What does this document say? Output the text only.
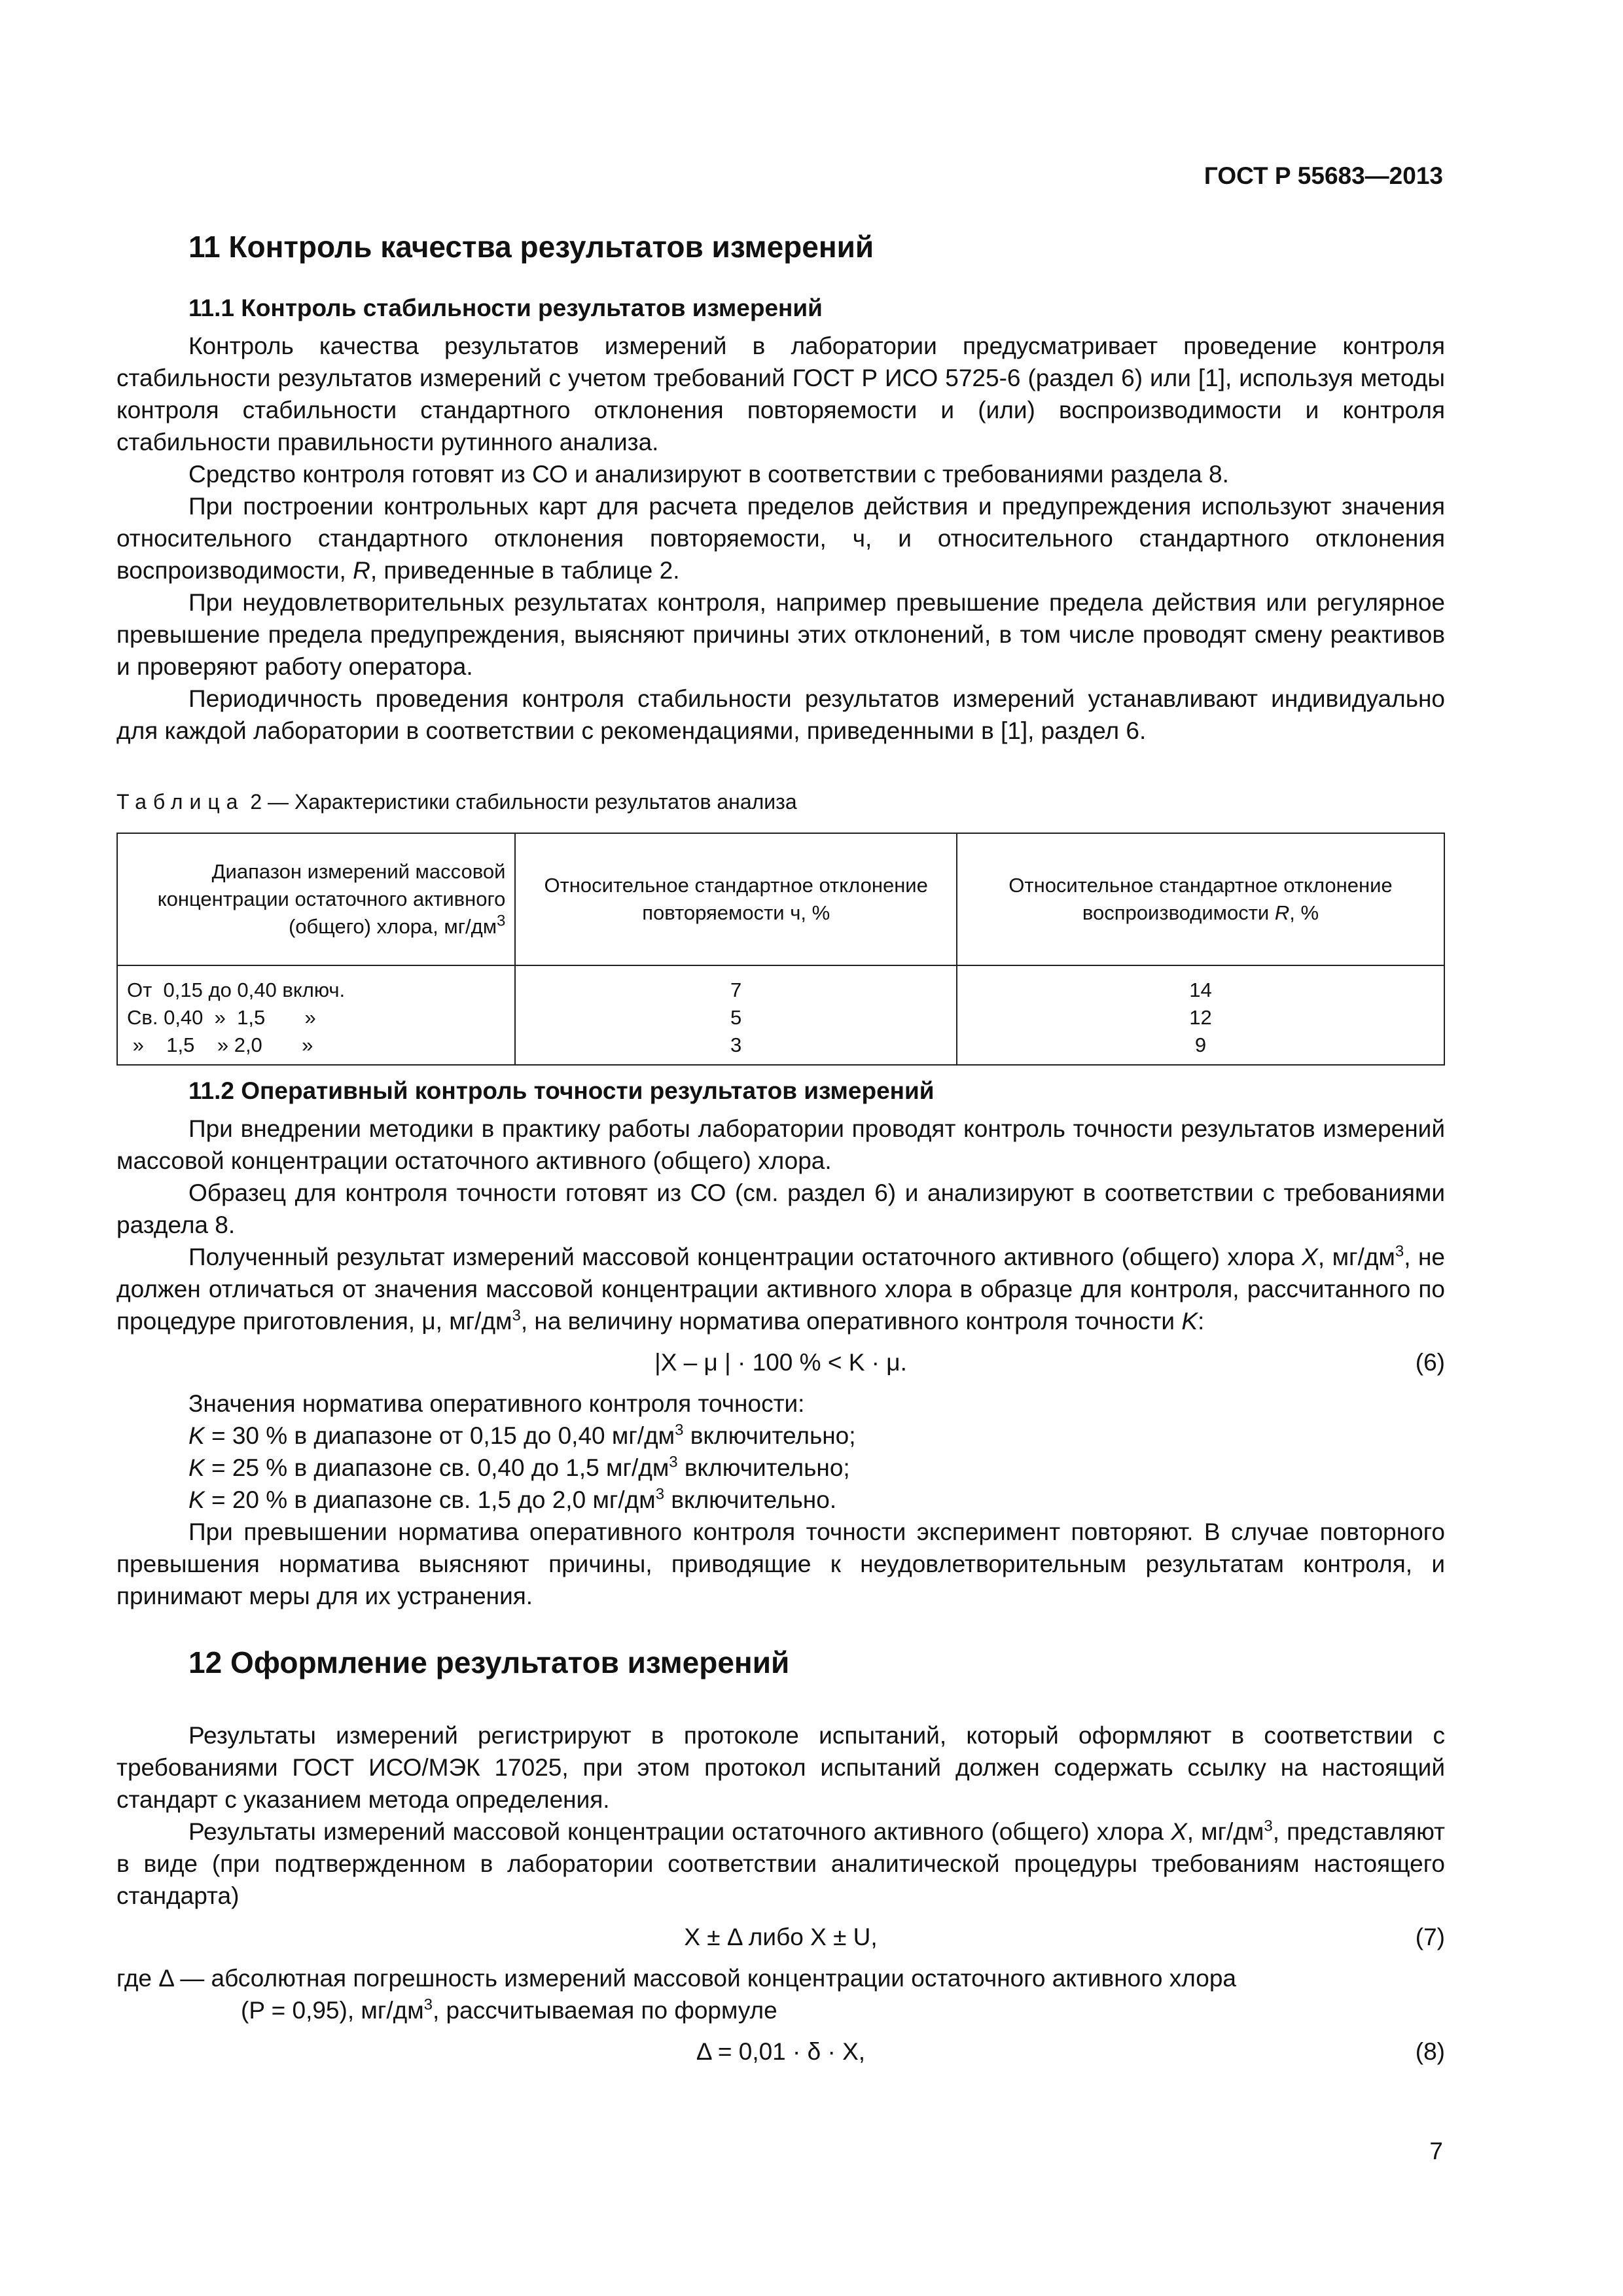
ГОСТ Р 55683—2013
11 Контроль качества результатов измерений
11.1 Контроль стабильности результатов измерений

Контроль качества результатов измерений в лаборатории предусматривает проведение контроля стабильности результатов измерений с учетом требований ГОСТ Р ИСО 5725-6 (раздел 6) или [1], используя методы контроля стабильности стандартного отклонения повторяемости и (или) воспроизводимости и контроля стабильности правильности рутинного анализа.

Средство контроля готовят из СО и анализируют в соответствии с требованиями раздела 8.

При построении контрольных карт для расчета пределов действия и предупреждения используют значения относительного стандартного отклонения повторяемости, ч, и относительного стандартного отклонения воспроизводимости, R, приведенные в таблице 2.

При неудовлетворительных результатах контроля, например превышение предела действия или регулярное превышение предела предупреждения, выясняют причины этих отклонений, в том числе проводят смену реактивов и проверяют работу оператора.

Периодичность проведения контроля стабильности результатов измерений устанавливают индивидуально для каждой лаборатории в соответствии с рекомендациями, приведенными в [1], раздел 6.

Таблица 2 — Характеристики стабильности результатов анализа
Диапазон измерений массовой концентрации остаточного активного (общего) хлора, $мг/дм^3$	Относительное стандартное отклонение повторяемости ч, %	Относительное стандартное отклонение воспроизводимости R, %
От  0,15 до 0,40 включ.	7	14
Св. 0,40  »  1,5       »	5	12
»    1,5    » 2,0       »	3	9
11.2 Оперативный контроль точности результатов измерений

При внедрении методики в практику работы лаборатории проводят контроль точности результатов измерений массовой концентрации остаточного активного (общего) хлора.

Образец для контроля точности готовят из СО (см. раздел 6) и анализируют в соответствии с требованиями раздела 8.

Полученный результат измерений массовой концентрации остаточного активного (общего) хлора X, $мг/дм^3$, не должен отличаться от значения массовой концентрации активного хлора в образце для контроля, рассчитанного по процедуре приготовления, μ, $мг/дм^3$, на величину норматива оперативного контроля точности K:

|X – μ | · 100 % < K · μ.	(6)

Значения норматива оперативного контроля точности:

K = 30 % в диапазоне от 0,15 до 0,40 $мг/дм^3$ включительно;

K = 25 % в диапазоне св. 0,40 до 1,5 $мг/дм^3$ включительно;

K = 20 % в диапазоне св. 1,5 до 2,0 $мг/дм^3$ включительно.

При превышении норматива оперативного контроля точности эксперимент повторяют. В случае повторного превышения норматива выясняют причины, приводящие к неудовлетворительным результатам контроля, и принимают меры для их устранения.

12 Оформление результатов измерений

Результаты измерений регистрируют в протоколе испытаний, который оформляют в соответствии с требованиями ГОСТ ИСО/МЭК 17025, при этом протокол испытаний должен содержать ссылку на настоящий стандарт с указанием метода определения.

Результаты измерений массовой концентрации остаточного активного (общего) хлора X, $мг/дм^3$, представляют в виде (при подтвержденном в лаборатории соответствии аналитической процедуры требованиям настоящего стандарта)

X ± Δ либо X ± U,	(7)
где Δ — абсолютная погрешность измерений массовой концентрации остаточного активного хлора
(P = 0,95), $мг/дм^3$, рассчитываемая по формуле
Δ = 0,01 · δ · X,	(8)
7
